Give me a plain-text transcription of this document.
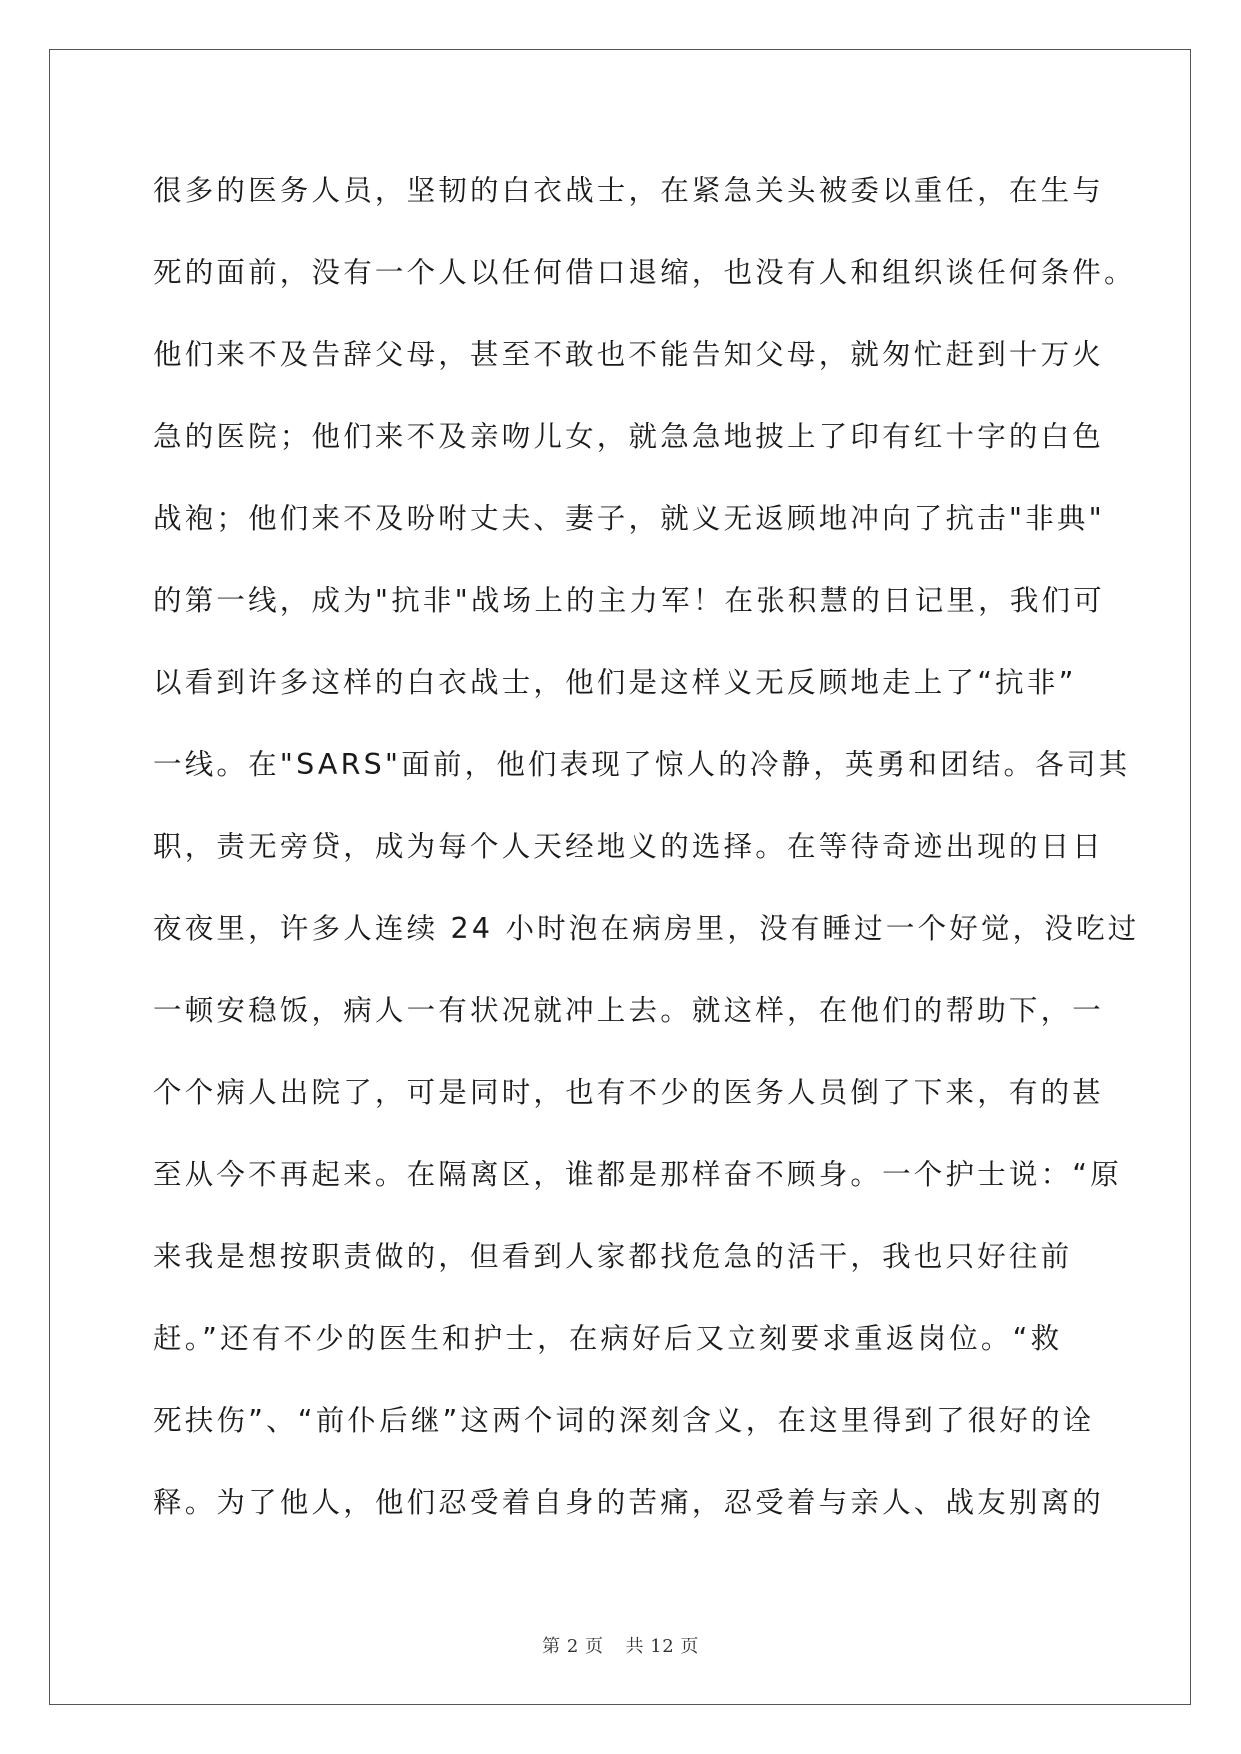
很多的医务人员，坚韧的白衣战士，在紧急关头被委以重任，在生与
死的面前，没有一个人以任何借口退缩，也没有人和组织谈任何条件。
他们来不及告辞父母，甚至不敢也不能告知父母，就匆忙赶到十万火
急的医院；他们来不及亲吻儿女，就急急地披上了印有红十字的白色
战袍；他们来不及吩咐丈夫、妻子，就义无返顾地冲向了抗击"非典"
的第一线，成为"抗非"战场上的主力军！在张积慧的日记里，我们可
以看到许多这样的白衣战士，他们是这样义无反顾地走上了“抗非”
一线。在"SARS"面前，他们表现了惊人的冷静，英勇和团结。各司其
职，责无旁贷，成为每个人天经地义的选择。在等待奇迹出现的日日
夜夜里，许多人连续 24 小时泡在病房里，没有睡过一个好觉，没吃过
一顿安稳饭，病人一有状况就冲上去。就这样，在他们的帮助下，一
个个病人出院了，可是同时，也有不少的医务人员倒了下来，有的甚
至从今不再起来。在隔离区，谁都是那样奋不顾身。一个护士说：“原
来我是想按职责做的，但看到人家都找危急的活干，我也只好往前
赶。”还有不少的医生和护士，在病好后又立刻要求重返岗位。“救
死扶伤”、“前仆后继”这两个词的深刻含义，在这里得到了很好的诠
释。为了他人，他们忍受着自身的苦痛，忍受着与亲人、战友别离的
第 2 页 共 12 页
